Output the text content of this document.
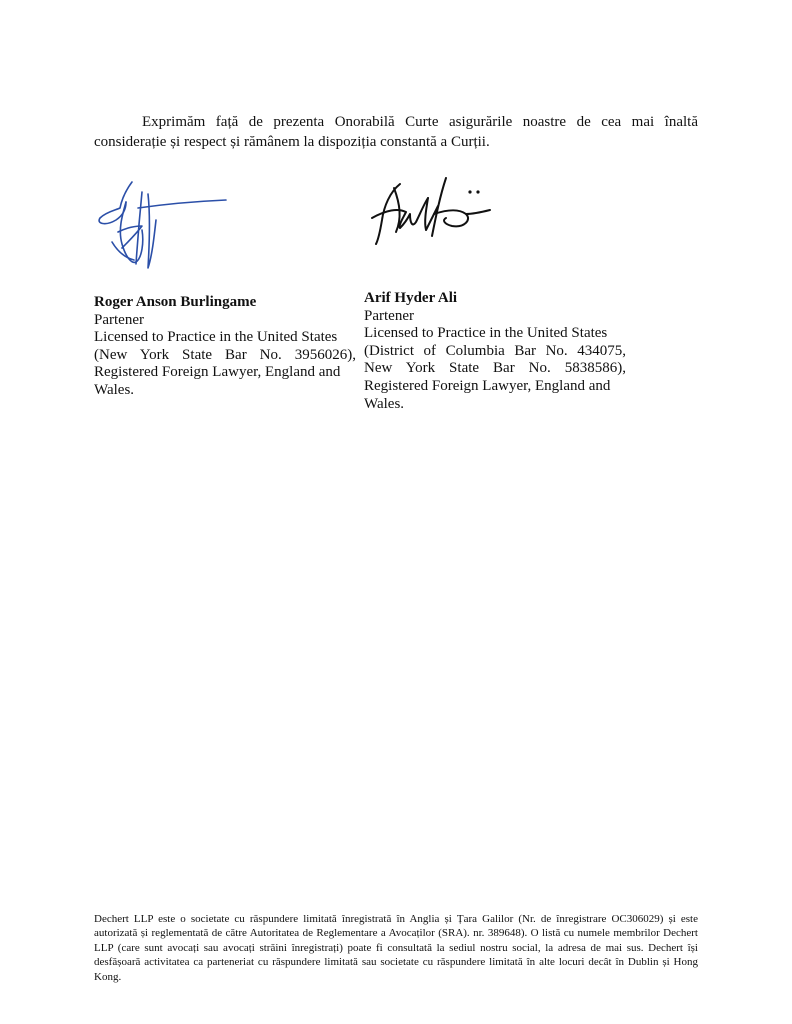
Exprimăm față de prezenta Onorabilă Curte asigurările noastre de cea mai înaltă considerație și respect și rămânem la dispoziția constantă a Curții.

Roger Anson Burlingame
Partener
Licensed to Practice in the United States
(New York State Bar No. 3956026),
Registered Foreign Lawyer, England and
Wales.
Arif Hyder Ali
Partener
Licensed to Practice in the United States
(District of Columbia Bar No. 434075,
New York State Bar No. 5838586),
Registered Foreign Lawyer, England and
Wales.

Dechert LLP este o societate cu răspundere limitată înregistrată în Anglia și Țara Galilor (Nr. de înregistrare OC306029) și este autorizată și reglementată de către Autoritatea de Reglementare a Avocaților (SRA). nr. 389648). O listă cu numele membrilor Dechert LLP (care sunt avocați sau avocați străini înregistrați) poate fi consultată la sediul nostru social, la adresa de mai sus. Dechert își desfășoară activitatea ca parteneriat cu răspundere limitată sau societate cu răspundere limitată în alte locuri decât în Dublin și Hong Kong.
